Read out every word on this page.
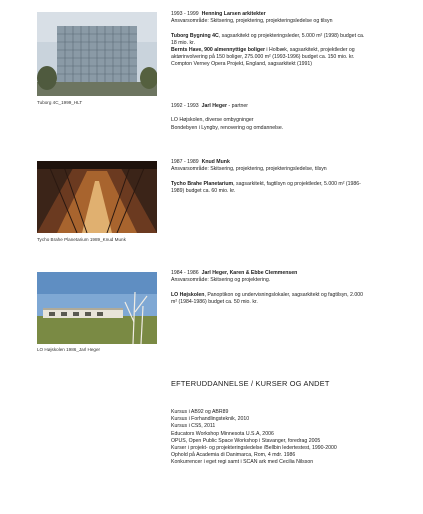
Tuborg 4C_1999_HLT
Tycho Brahe Planetarium 1989_Knud Munk
LO Højskolen 1986_Jarl Heger
1993 - 1999 Henning Larsen arkitekter
Ansvarsområde: Skitsering, projektering, projekteringsledelse og tilsyn

Tuborg Bygning 4C, sagsarkitekt og projekteringsleder, 5.000 m² (1998) budget ca.
18 mio. kr.
Bernts Have, 900 almennyttige boliger i Holbæk, sagsarkitekt, projektleder og
aktørinvolvering på 150 boliger, 275.000 m² (1993-1996) budget ca. 150 mio. kr.
Compton Verney Opera Projekt, England, sagsarkitekt (1991)
1992 - 1993 Jarl Heger - partner

LO Højskolen, diverse ombygninger
Bondebyen i Lyngby, renovering og omdannelse.
1987 - 1989 Knud Munk
Ansvarsområde: Skitsering, projektering, projekteringsledelse, tilsyn

Tycho Brahe Planetarium, sagsarkitekt, fagtilsyn og projektleder, 5.000 m² (1986-
1989) budget ca. 60 mio. kr.
1984 - 1986 Jarl Heger, Karen & Ebbe Clemmensen
Ansvarsområde: Skitsering og projektering.

LO Højskolen, Panoptikon og undervisningslokaler, sagsarkitekt og fagtilsyn, 2.000
m² (1984-1986) budget ca. 50 mio. kr.
EFTERUDDANNELSE / KURSER OG ANDET
Kursus i AB92 og ABR89
Kursus i Forhandlingsteknik, 2010
Kursus i CS5, 2011
Educators Workshop Minnesota U.S.A, 2006
OPUS, Open Public Space Workshop i Stavanger, foredrag 2005
Kurser i projekt- og projekteringsledelse /Bellbin ledertestest, 1990-2000
Ophold på Academia di Danimarca, Rom, 4 mdr. 1986
Konkurrencer i eget regi samt i SCAN ark med Cecilia Nilsson
